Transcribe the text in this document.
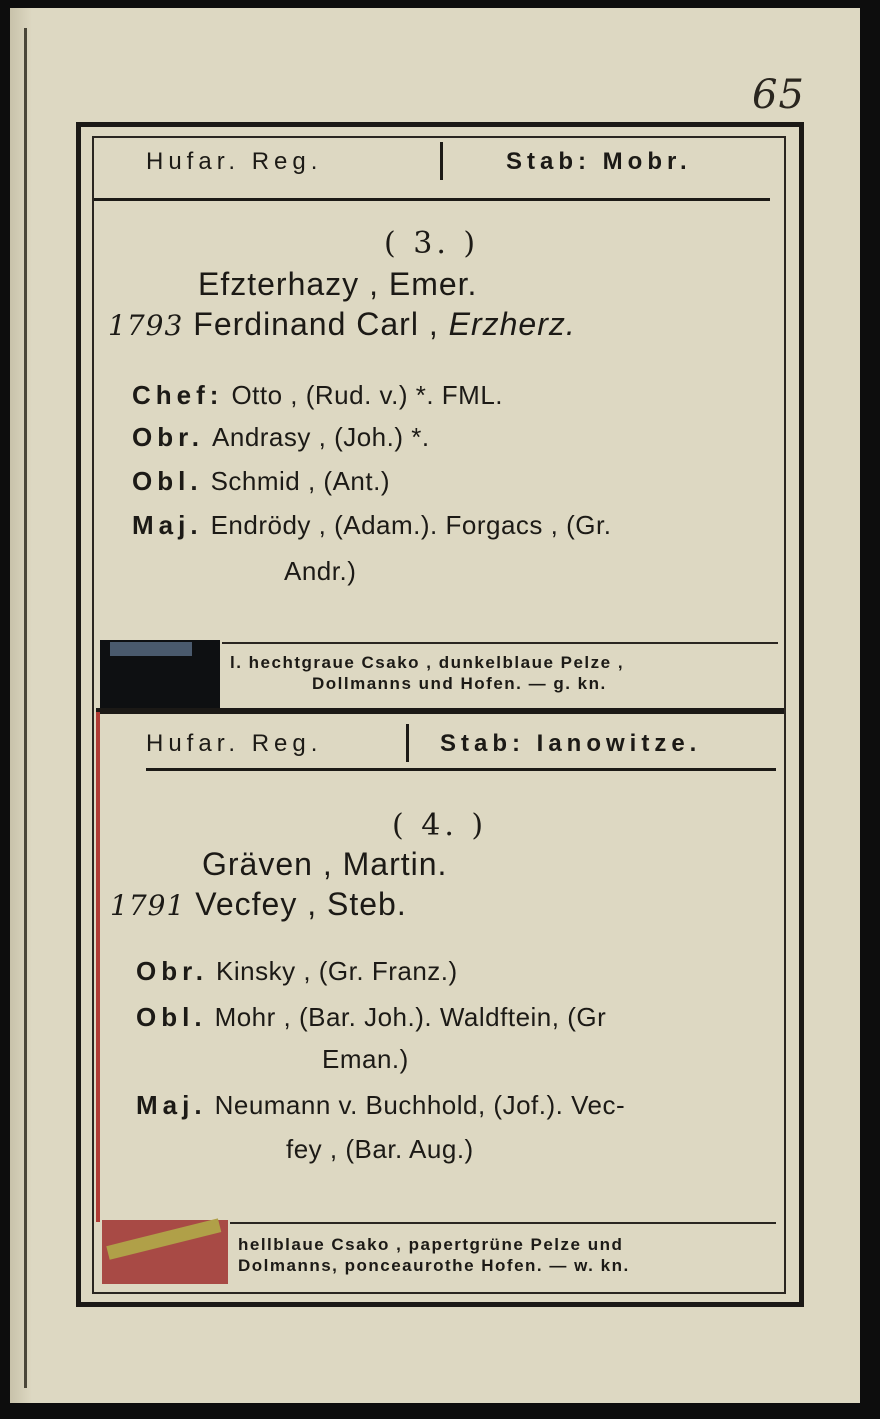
65
Hufar. Reg.	Stab: Mobr.
( 3. )
Efzterhazy , Emer.
1793 Ferdinand Carl , Erzherz.
Chef: Otto , (Rud. v.) *. FML.
Obr. Andrasy , (Joh.) *.
Obl. Schmid , (Ant.)
Maj. Endrödy , (Adam.). Forgacs , (Gr.
Andr.)
l. hechtgraue Csako , dunkelblaue Pelze ,
Dollmanns und Hofen. — g. kn.
Hufar. Reg.	Stab: Ianowitze.
( 4. )
Gräven , Martin.
1791 Vecfey , Steb.
Obr. Kinsky , (Gr. Franz.)
Obl. Mohr , (Bar. Joh.). Waldftein, (Gr
Eman.)
Maj. Neumann v. Buchhold, (Jof.). Vec-
fey , (Bar. Aug.)
hellblaue Csako , papertgrüne Pelze und
Dolmanns, ponceaurothe Hofen. — w. kn.
